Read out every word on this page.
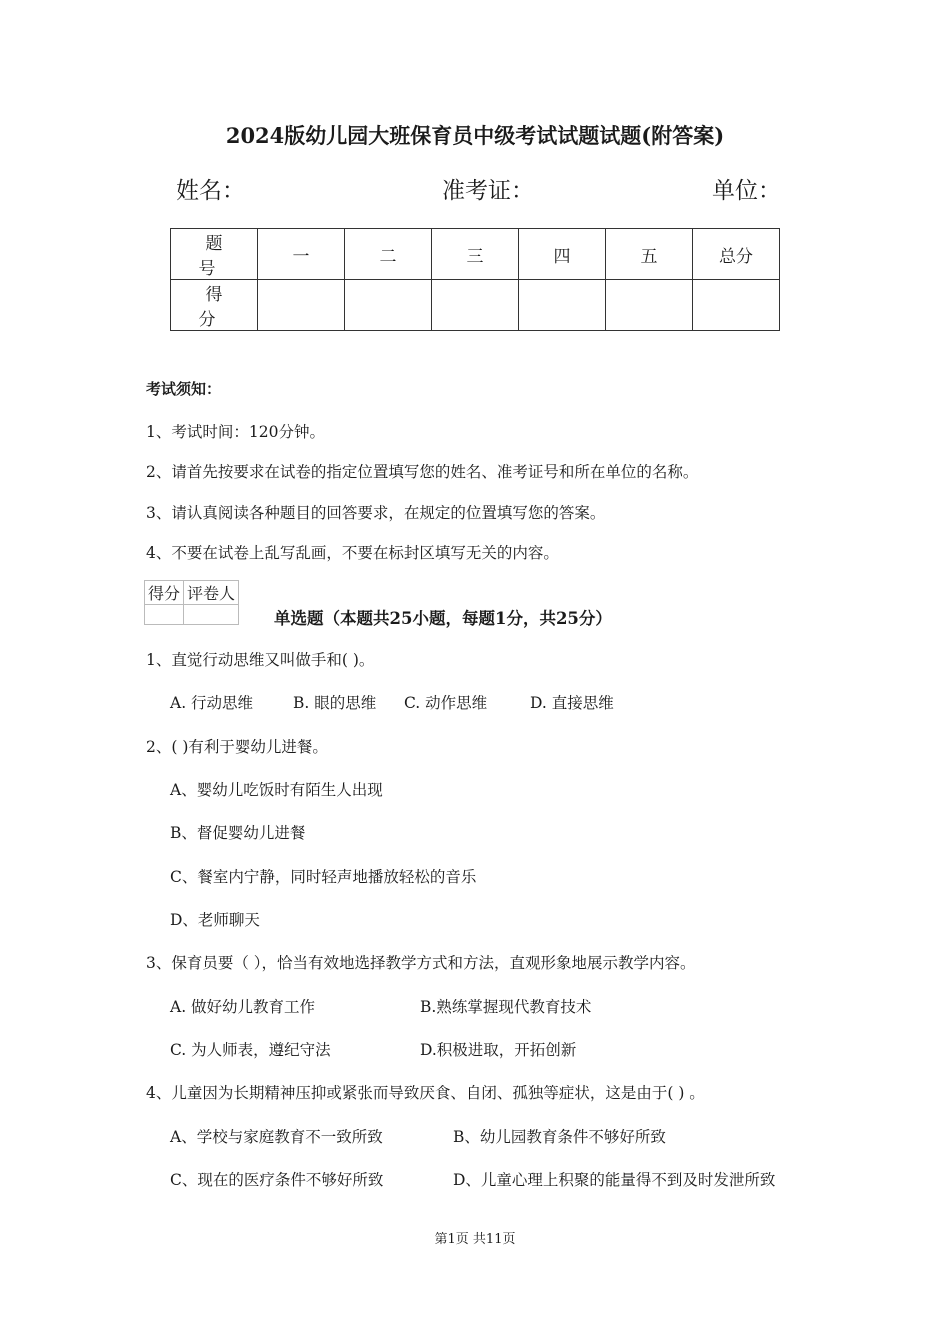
2024版幼儿园大班保育员中级考试试题试题(附答案)
姓名：	准考证：	单位：
题 号	一	二	三	四	五	总分
得 分						
考试须知：
1、考试时间：120分钟。
2、请首先按要求在试卷的指定位置填写您的姓名、准考证号和所在单位的名称。
3、请认真阅读各种题目的回答要求，在规定的位置填写您的答案。
4、不要在试卷上乱写乱画，不要在标封区填写无关的内容。
得分	评卷人

单选题（本题共25小题，每题1分，共25分）
1、直觉行动思维又叫做手和( )。
A. 行动思维	B. 眼的思维 C. 动作思维	D. 直接思维
2、( )有利于婴幼儿进餐。
A、婴幼儿吃饭时有陌生人出现
B、督促婴幼儿进餐
C、餐室内宁静，同时轻声地播放轻松的音乐
D、老师聊天
3、保育员要（ ），恰当有效地选择教学方式和方法，直观形象地展示教学内容。
A. 做好幼儿教育工作	B.熟练掌握现代教育技术
C. 为人师表，遵纪守法	D.积极进取，开拓创新
4、儿童因为长期精神压抑或紧张而导致厌食、自闭、孤独等症状，这是由于( ) 。
A、学校与家庭教育不一致所致	B、幼儿园教育条件不够好所致
C、现在的医疗条件不够好所致	D、儿童心理上积聚的能量得不到及时发泄所致
第1页 共11页
